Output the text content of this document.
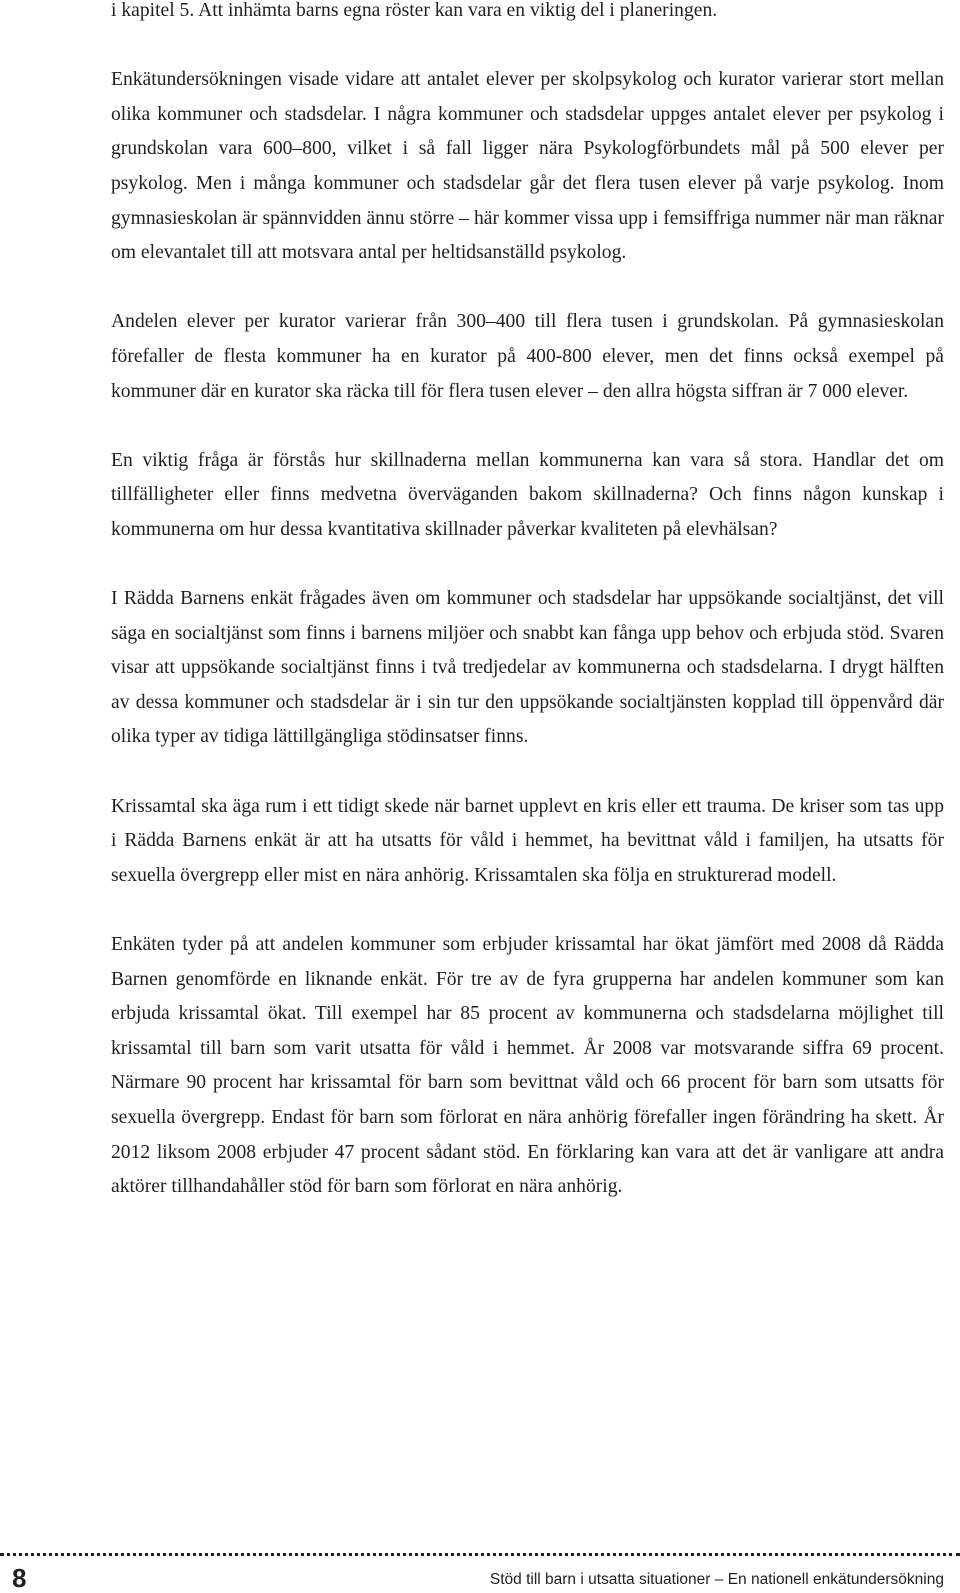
i kapitel 5. Att inhämta barns egna röster kan vara en viktig del i planeringen.

Enkätundersökningen visade vidare att antalet elever per skolpsykolog och kurator varierar stort mellan olika kommuner och stadsdelar. I några kommuner och stadsdelar uppges antalet elever per psykolog i grundskolan vara 600–800, vilket i så fall ligger nära Psykologförbundets mål på 500 elever per psykolog. Men i många kommuner och stadsdelar går det flera tusen elever på varje psykolog. Inom gymnasieskolan är spännvidden ännu större – här kommer vissa upp i femsiffriga nummer när man räknar om elevantalet till att motsvara antal per heltidsanställd psykolog.

Andelen elever per kurator varierar från 300–400 till flera tusen i grundskolan. På gymnasieskolan förefaller de flesta kommuner ha en kurator på 400-800 elever, men det finns också exempel på kommuner där en kurator ska räcka till för flera tusen elever – den allra högsta siffran är 7 000 elever.

En viktig fråga är förstås hur skillnaderna mellan kommunerna kan vara så stora. Handlar det om tillfälligheter eller finns medvetna överväganden bakom skillnaderna? Och finns någon kunskap i kommunerna om hur dessa kvantitativa skillnader påverkar kvaliteten på elevhälsan?

I Rädda Barnens enkät frågades även om kommuner och stadsdelar har uppsökande socialtjänst, det vill säga en socialtjänst som finns i barnens miljöer och snabbt kan fånga upp behov och erbjuda stöd. Svaren visar att uppsökande socialtjänst finns i två tredjedelar av kommunerna och stadsdelarna. I drygt hälften av dessa kommuner och stadsdelar är i sin tur den uppsökande socialtjänsten kopplad till öppenvård där olika typer av tidiga lättillgängliga stödinsatser finns.

Krissamtal ska äga rum i ett tidigt skede när barnet upplevt en kris eller ett trauma. De kriser som tas upp i Rädda Barnens enkät är att ha utsatts för våld i hemmet, ha bevittnat våld i familjen, ha utsatts för sexuella övergrepp eller mist en nära anhörig. Krissamtalen ska följa en strukturerad modell.

Enkäten tyder på att andelen kommuner som erbjuder krissamtal har ökat jämfört med 2008 då Rädda Barnen genomförde en liknande enkät. För tre av de fyra grupperna har andelen kommuner som kan erbjuda krissamtal ökat. Till exempel har 85 procent av kommunerna och stadsdelarna möjlighet till krissamtal till barn som varit utsatta för våld i hemmet. År 2008 var motsvarande siffra 69 procent. Närmare 90 procent har krissamtal för barn som bevittnat våld och 66 procent för barn som utsatts för sexuella övergrepp. Endast för barn som förlorat en nära anhörig förefaller ingen förändring ha skett. År 2012 liksom 2008 erbjuder 47 procent sådant stöd. En förklaring kan vara att det är vanligare att andra aktörer tillhandahåller stöd för barn som förlorat en nära anhörig.

8	Stöd till barn i utsatta situationer – En nationell enkätundersökning
